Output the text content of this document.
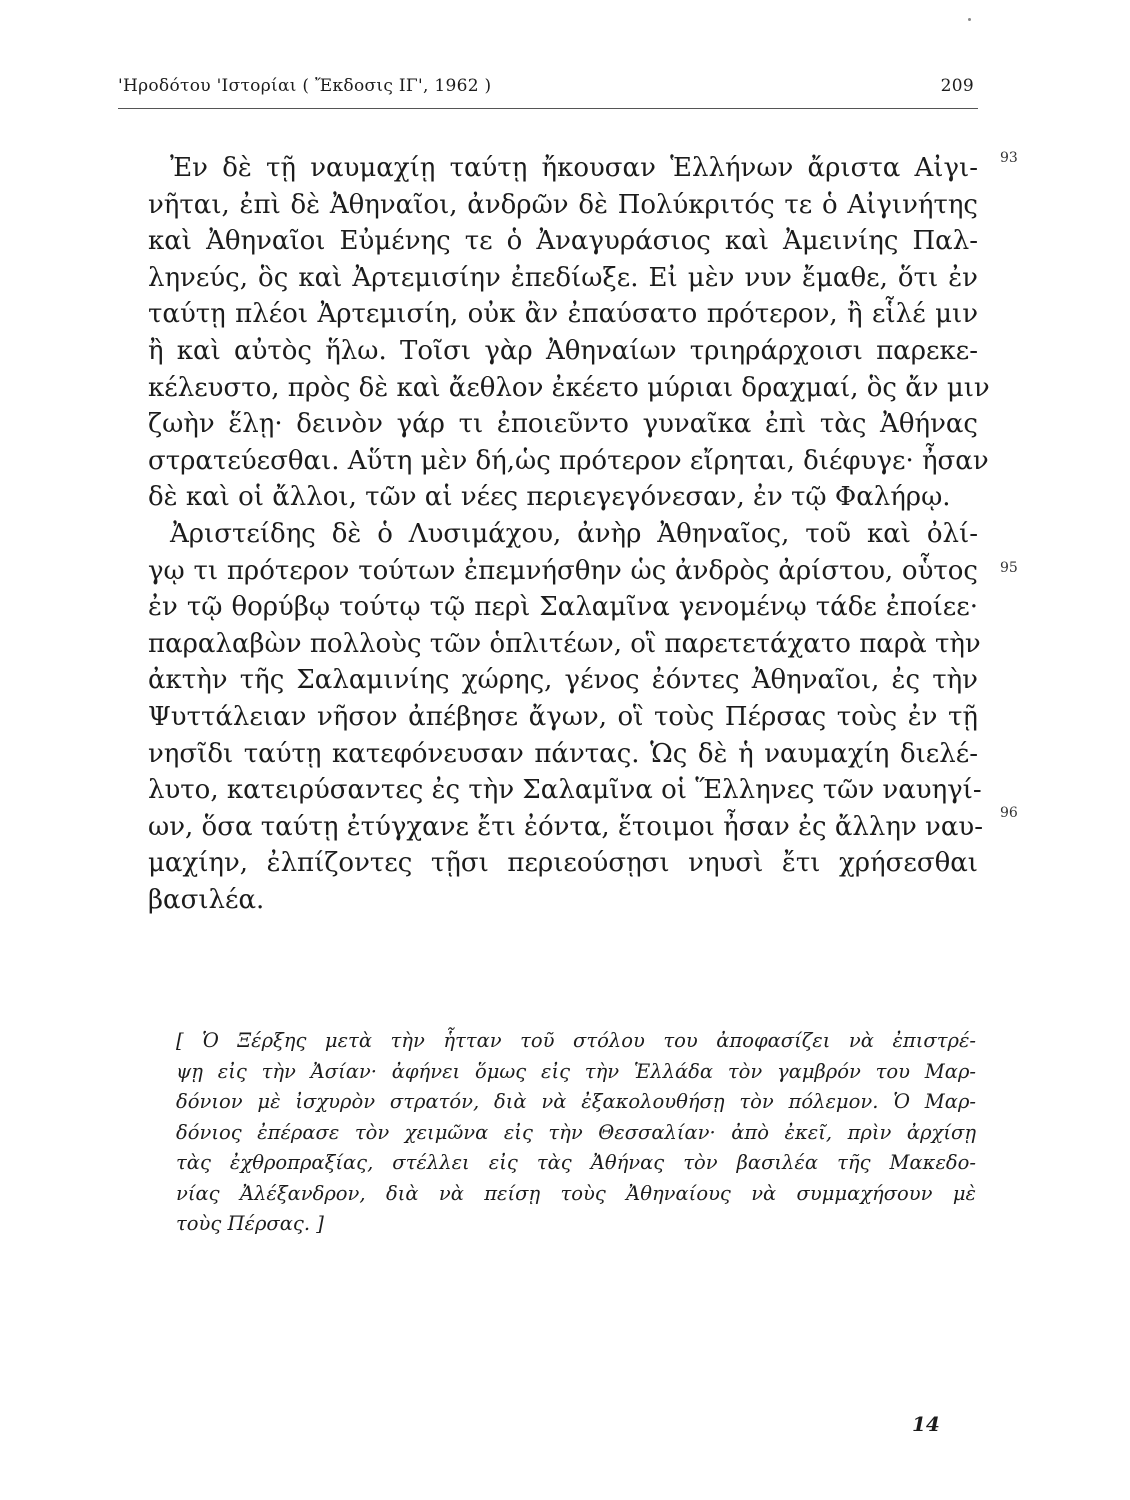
'Ηροδότου 'Ιστορίαι ( Ἔκδοσις ΙΓ', 1962 )	209
Ἐν δὲ τῇ ναυμαχίῃ ταύτῃ ἤκουσαν Ἑλλήνων ἄριστα Αἰγι-
νῆται, ἐπὶ δὲ Ἀθηναῖοι, ἀνδρῶν δὲ Πολύκριτός τε ὁ Αἰγινήτης
καὶ Ἀθηναῖοι Εὐμένης τε ὁ Ἀναγυράσιος καὶ Ἀμεινίης Παλ-
ληνεύς, ὃς καὶ Ἀρτεμισίην ἐπεδίωξε. Εἰ μὲν νυν ἔμαθε, ὅτι ἐν
ταύτῃ πλέοι Ἀρτεμισίη, οὐκ ἂν ἐπαύσατο πρότερον, ἢ εἷλέ μιν
ἢ καὶ αὐτὸς ἥλω. Τοῖσι γὰρ Ἀθηναίων τριηράρχοισι παρεκε-
κέλευστο, πρὸς δὲ καὶ ἄεθλον ἐκέετο μύριαι δραχμαί, ὃς ἄν μιν
ζωὴν ἕλῃ· δεινὸν γάρ τι ἐποιεῦντο γυναῖκα ἐπὶ τὰς Ἀθήνας
στρατεύεσθαι. Αὕτη μὲν δή,ὡς πρότερον εἴρηται, διέφυγε· ἦσαν
δὲ καὶ οἱ ἄλλοι, τῶν αἱ νέες περιεγεγόνεσαν, ἐν τῷ Φαλήρῳ.
Ἀριστείδης δὲ ὁ Λυσιμάχου, ἀνὴρ Ἀθηναῖος, τοῦ καὶ ὀλί-
γῳ τι πρότερον τούτων ἐπεμνήσθην ὡς ἀνδρὸς ἀρίστου, οὗτος
ἐν τῷ θορύβῳ τούτῳ τῷ περὶ Σαλαμῖνα γενομένῳ τάδε ἐποίεε·
παραλαβὼν πολλοὺς τῶν ὁπλιτέων, οἳ παρετετάχατο παρὰ τὴν
ἀκτὴν τῆς Σαλαμινίης χώρης, γένος ἐόντες Ἀθηναῖοι, ἐς τὴν
Ψυττάλειαν νῆσον ἀπέβησε ἄγων, οἳ τοὺς Πέρσας τοὺς ἐν τῇ
νησῖδι ταύτῃ κατεφόνευσαν πάντας. Ὡς δὲ ἡ ναυμαχίη διελέ-
λυτο, κατειρύσαντες ἐς τὴν Σαλαμῖνα οἱ Ἕλληνες τῶν ναυηγί-
ων, ὅσα ταύτῃ ἐτύγχανε ἔτι ἐόντα, ἕτοιμοι ἦσαν ἐς ἄλλην ναυ-
μαχίην, ἐλπίζοντες τῇσι περιεούσῃσι νηυσὶ ἔτι χρήσεσθαι
βασιλέα.
93
95
96
[ Ὁ Ξέρξης μετὰ τὴν ἧτταν τοῦ στόλου του ἀποφασίζει νὰ ἐπιστρέ-
ψῃ εἰς τὴν Ἀσίαν· ἀφήνει ὅμως εἰς τὴν Ἑλλάδα τὸν γαμβρόν του Μαρ-
δόνιον μὲ ἰσχυρὸν στρατόν, διὰ νὰ ἐξακολουθήσῃ τὸν πόλεμον. Ὁ Μαρ-
δόνιος ἐπέρασε τὸν χειμῶνα εἰς τὴν Θεσσαλίαν· ἀπὸ ἐκεῖ, πρὶν ἀρχίσῃ
τὰς ἐχθροπραξίας, στέλλει εἰς τὰς Ἀθήνας τὸν βασιλέα τῆς Μακεδο-
νίας Ἀλέξανδρον, διὰ νὰ πείσῃ τοὺς Ἀθηναίους νὰ συμμαχήσουν μὲ
τοὺς Πέρσας. ]
14
